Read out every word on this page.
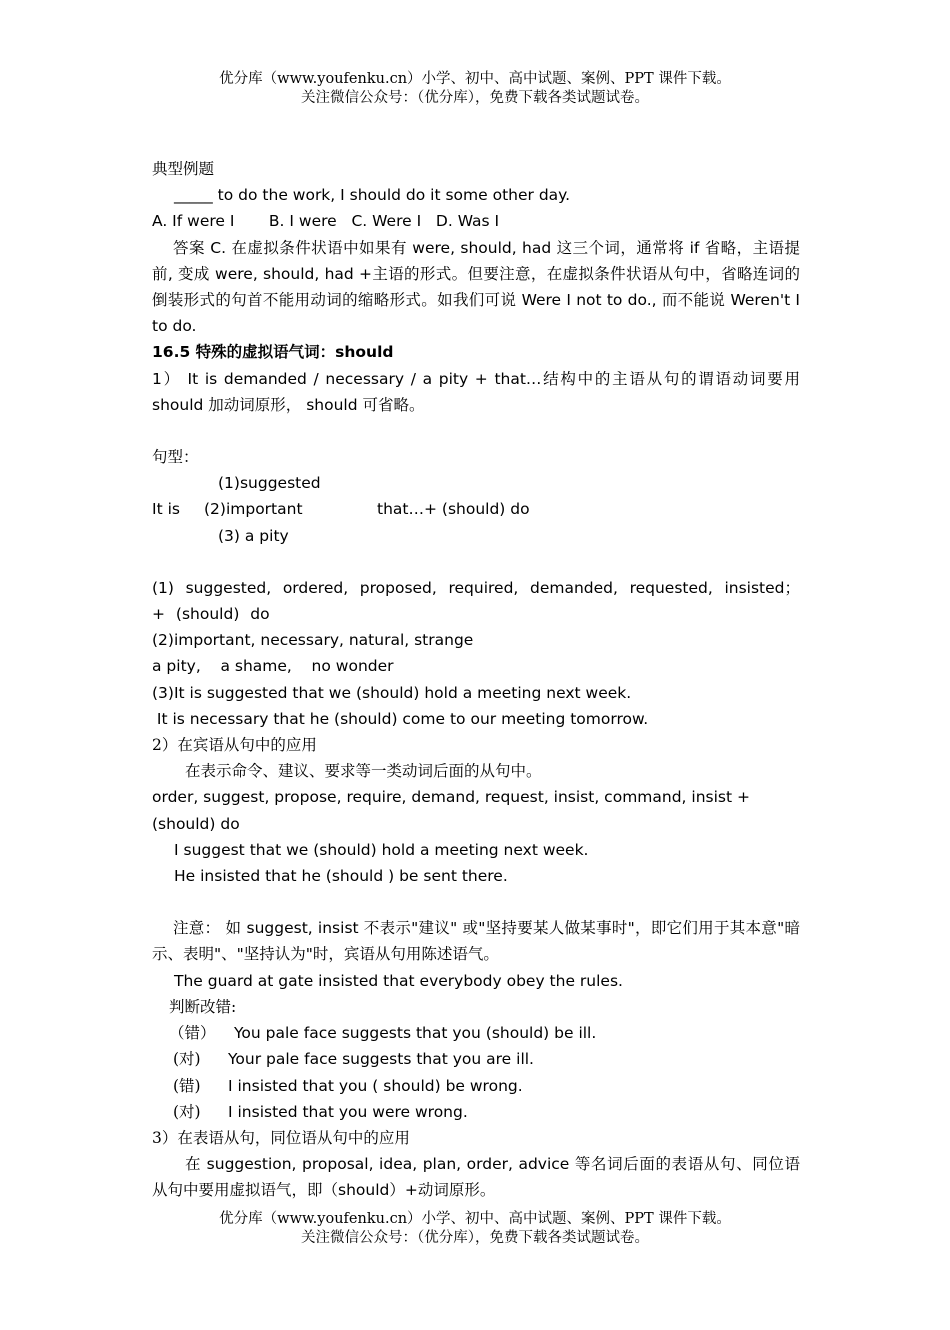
优分库（www.youfenku.cn）小学、初中、高中试题、案例、PPT 课件下载。
关注微信公众号：（优分库），免费下载各类试题试卷。

典型例题

_____ to do the work, I should do it some other day.

A. If were I       B. I were   C. Were I   D. Was I

答案 C. 在虚拟条件状语中如果有 were, should, had 这三个词，通常将 if 省略，主语提前, 变成 were, should, had +主语的形式。但要注意，在虚拟条件状语从句中，省略连词的倒装形式的句首不能用动词的缩略形式。如我们可说 Were I not to do., 而不能说 Weren't I to do.

16.5 特殊的虚拟语气词：should

1） It is demanded / necessary / a pity + that…结构中的主语从句的谓语动词要用 should 加动词原形， should 可省略。

句型：

(1)suggested

It is	(2)important	that…+ (should) do

(3) a pity

(1) suggested, ordered, proposed, required, demanded, requested, insisted； + (should) do

(2)important, necessary, natural, strange

a pity,    a shame,    no wonder

(3)It is suggested that we (should) hold a meeting next week.

It is necessary that he (should) come to our meeting tomorrow.

2）在宾语从句中的应用

在表示命令、建议、要求等一类动词后面的从句中。

order, suggest, propose, require, demand, request, insist, command, insist + (should) do

I suggest that we (should) hold a meeting next week.

He insisted that he (should ) be sent there.

注意： 如 suggest, insist 不表示"建议" 或"坚持要某人做某事时"，即它们用于其本意"暗示、表明"、"坚持认为"时，宾语从句用陈述语气。

The guard at gate insisted that everybody obey the rules.

判断改错:

（错）	You pale face suggests that you (should) be ill.
(对)	Your pale face suggests that you are ill.
(错)	I insisted that you ( should) be wrong.
(对)	I insisted that you were wrong.

3）在表语从句，同位语从句中的应用

在 suggestion, proposal, idea, plan, order, advice 等名词后面的表语从句、同位语从句中要用虚拟语气，即（should）+动词原形。

优分库（www.youfenku.cn）小学、初中、高中试题、案例、PPT 课件下载。
关注微信公众号：（优分库），免费下载各类试题试卷。
